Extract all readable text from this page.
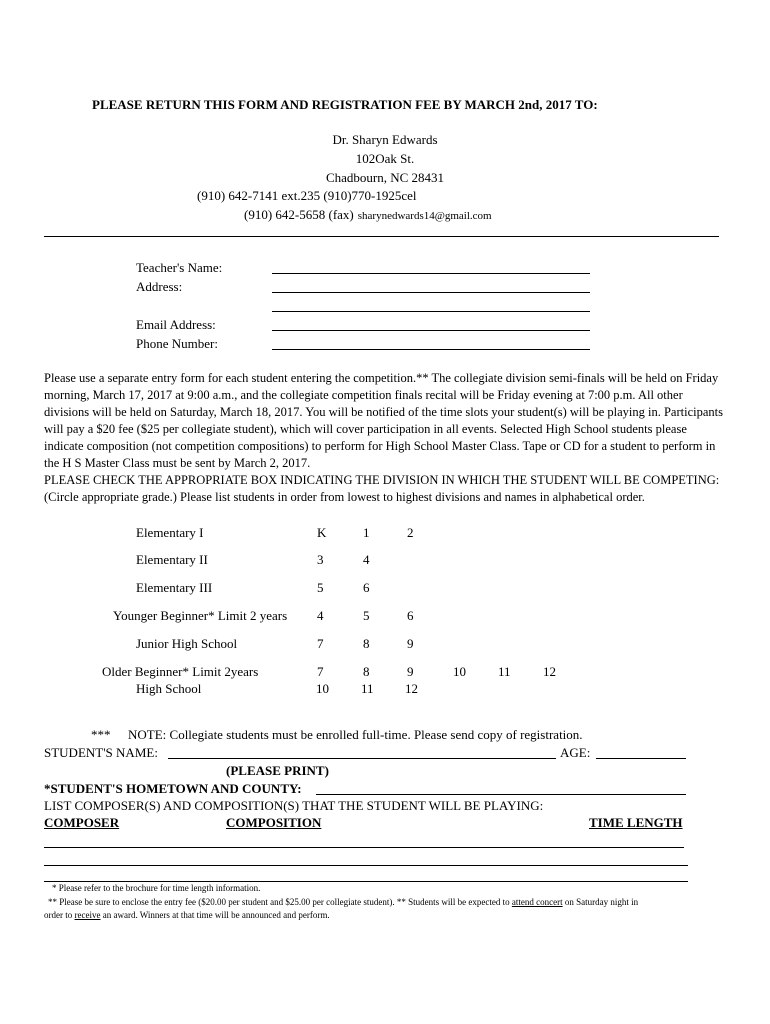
PLEASE RETURN THIS FORM AND REGISTRATION FEE BY MARCH 2nd, 2017 TO:
Dr. Sharyn Edwards
102Oak St.
Chadbourn, NC 28431
(910) 642-7141 ext.235 (910)770-1925cel
(910) 642-5658 (fax) sharynedwards14@gmail.com
Teacher's Name:
Address:
Email Address:
Phone Number:
Please use a separate entry form for each student entering the competition.** The collegiate division semi-finals will be held on Friday morning, March 17, 2017 at 9:00 a.m., and the collegiate competition finals recital will be Friday evening at 7:00 p.m. All other divisions will be held on Saturday, March 18, 2017. You will be notified of the time slots your student(s) will be playing in. Participants will pay a $20 fee ($25 per collegiate student), which will cover participation in all events. Selected High School students please indicate composition (not competition compositions) to perform for High School Master Class. Tape or CD for a student to perform in the H S Master Class must be sent by March 2, 2017.
PLEASE CHECK THE APPROPRIATE BOX INDICATING THE DIVISION IN WHICH THE STUDENT WILL BE COMPETING: (Circle appropriate grade.) Please list students in order from lowest to highest divisions and names in alphabetical order.
Elementary I	K	1	2
Elementary II	3	4
Elementary III	5	6
Younger Beginner* Limit 2 years 4	5	6
Junior High School	7	8	9
Older Beginner* Limit 2years	7	8	9	10 11 12
High School	10 11 12
*** NOTE: Collegiate students must be enrolled full-time. Please send copy of registration.
STUDENT'S NAME:	AGE:
(PLEASE PRINT)
*STUDENT'S HOMETOWN AND COUNTY:
LIST COMPOSER(S) AND COMPOSITION(S) THAT THE STUDENT WILL BE PLAYING:
COMPOSER	COMPOSITION	TIME LENGTH
* Please refer to the brochure for time length information.
** Please be sure to enclose the entry fee ($20.00 per student and $25.00 per collegiate student). ** Students will be expected to attend concert on Saturday night in
order to receive an award. Winners at that time will be announced and perform.
